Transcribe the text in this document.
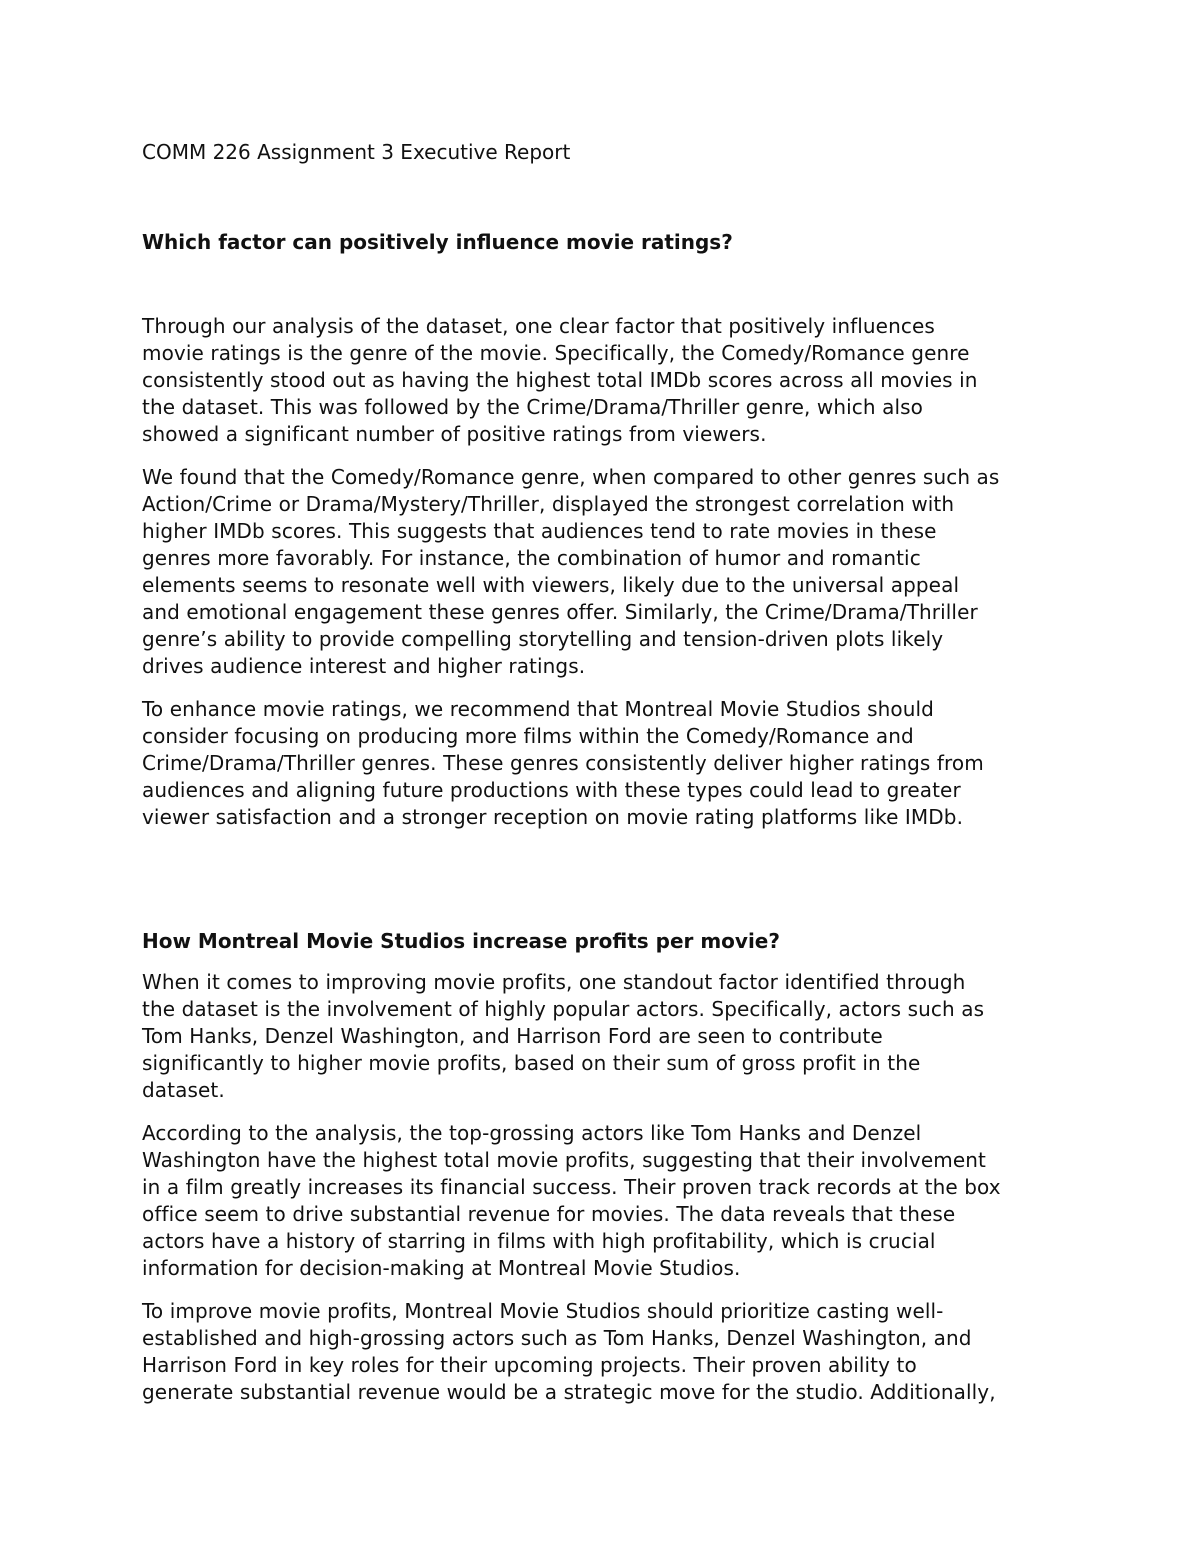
COMM 226 Assignment 3 Executive Report
Which factor can positively influence movie ratings?

Through our analysis of the dataset, one clear factor that positively influences
movie ratings is the genre of the movie. Specifically, the Comedy/Romance genre
consistently stood out as having the highest total IMDb scores across all movies in
the dataset. This was followed by the Crime/Drama/Thriller genre, which also
showed a significant number of positive ratings from viewers.

We found that the Comedy/Romance genre, when compared to other genres such as
Action/Crime or Drama/Mystery/Thriller, displayed the strongest correlation with
higher IMDb scores. This suggests that audiences tend to rate movies in these
genres more favorably. For instance, the combination of humor and romantic
elements seems to resonate well with viewers, likely due to the universal appeal
and emotional engagement these genres offer. Similarly, the Crime/Drama/Thriller
genre’s ability to provide compelling storytelling and tension-driven plots likely
drives audience interest and higher ratings.

To enhance movie ratings, we recommend that Montreal Movie Studios should
consider focusing on producing more films within the Comedy/Romance and
Crime/Drama/Thriller genres. These genres consistently deliver higher ratings from
audiences and aligning future productions with these types could lead to greater
viewer satisfaction and a stronger reception on movie rating platforms like IMDb.

How Montreal Movie Studios increase profits per movie?

When it comes to improving movie profits, one standout factor identified through
the dataset is the involvement of highly popular actors. Specifically, actors such as
Tom Hanks, Denzel Washington, and Harrison Ford are seen to contribute
significantly to higher movie profits, based on their sum of gross profit in the
dataset.

According to the analysis, the top-grossing actors like Tom Hanks and Denzel
Washington have the highest total movie profits, suggesting that their involvement
in a film greatly increases its financial success. Their proven track records at the box
office seem to drive substantial revenue for movies. The data reveals that these
actors have a history of starring in films with high profitability, which is crucial
information for decision-making at Montreal Movie Studios.

To improve movie profits, Montreal Movie Studios should prioritize casting well-
established and high-grossing actors such as Tom Hanks, Denzel Washington, and
Harrison Ford in key roles for their upcoming projects. Their proven ability to
generate substantial revenue would be a strategic move for the studio. Additionally,
